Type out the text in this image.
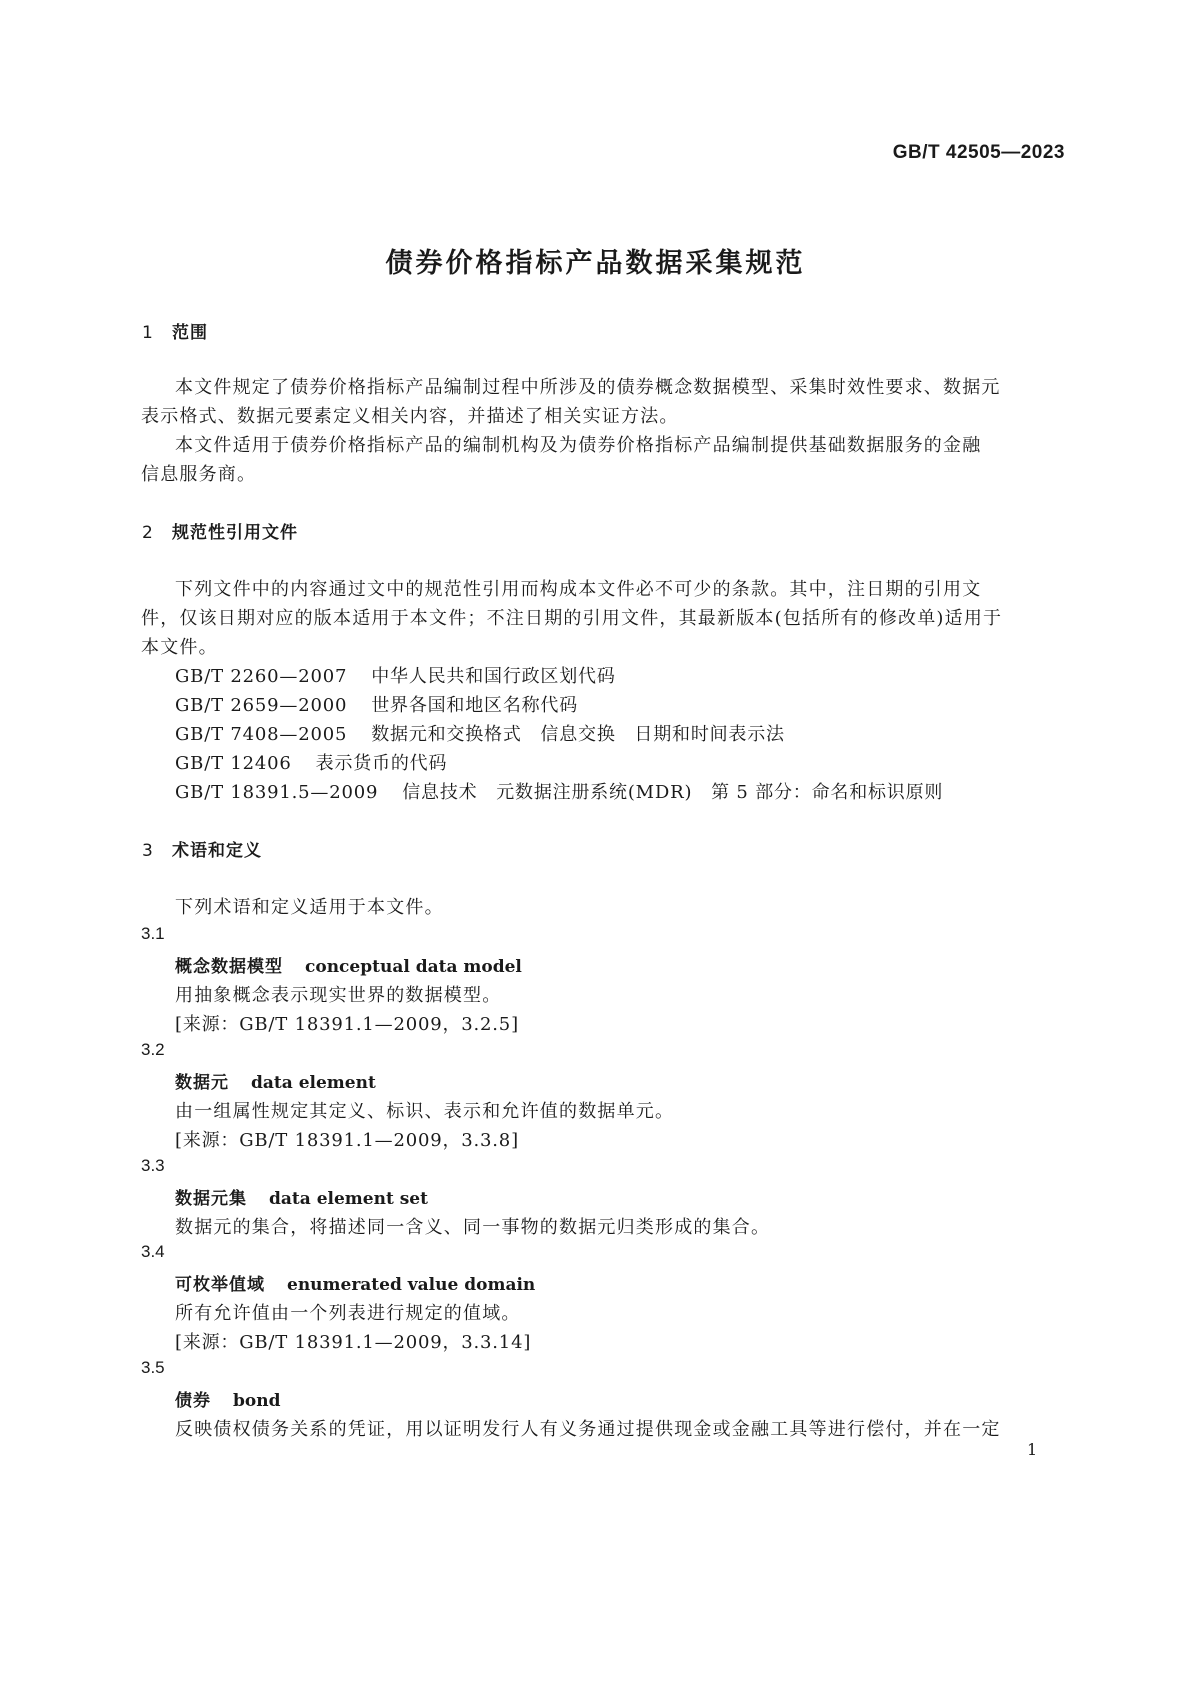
GB/T 42505—2023
债券价格指标产品数据采集规范
1 范围
本文件规定了债券价格指标产品编制过程中所涉及的债券概念数据模型、采集时效性要求、数据元
表示格式、数据元要素定义相关内容，并描述了相关实证方法。
本文件适用于债券价格指标产品的编制机构及为债券价格指标产品编制提供基础数据服务的金融
信息服务商。
2 规范性引用文件
下列文件中的内容通过文中的规范性引用而构成本文件必不可少的条款。其中，注日期的引用文
件，仅该日期对应的版本适用于本文件；不注日期的引用文件，其最新版本(包括所有的修改单)适用于
本文件。
GB/T 2260—2007 中华人民共和国行政区划代码
GB/T 2659—2000 世界各国和地区名称代码
GB/T 7408—2005 数据元和交换格式　信息交换　日期和时间表示法
GB/T 12406 表示货币的代码
GB/T 18391.5—2009 信息技术　元数据注册系统(MDR)　第 5 部分：命名和标识原则
3 术语和定义
下列术语和定义适用于本文件。
3.1
概念数据模型 conceptual data model
用抽象概念表示现实世界的数据模型。
[来源：GB/T 18391.1—2009，3.2.5]
3.2
数据元 data element
由一组属性规定其定义、标识、表示和允许值的数据单元。
[来源：GB/T 18391.1—2009，3.3.8]
3.3
数据元集 data element set
数据元的集合，将描述同一含义、同一事物的数据元归类形成的集合。
3.4
可枚举值域 enumerated value domain
所有允许值由一个列表进行规定的值域。
[来源：GB/T 18391.1—2009，3.3.14]
3.5
债券 bond
反映债权债务关系的凭证，用以证明发行人有义务通过提供现金或金融工具等进行偿付，并在一定
1
